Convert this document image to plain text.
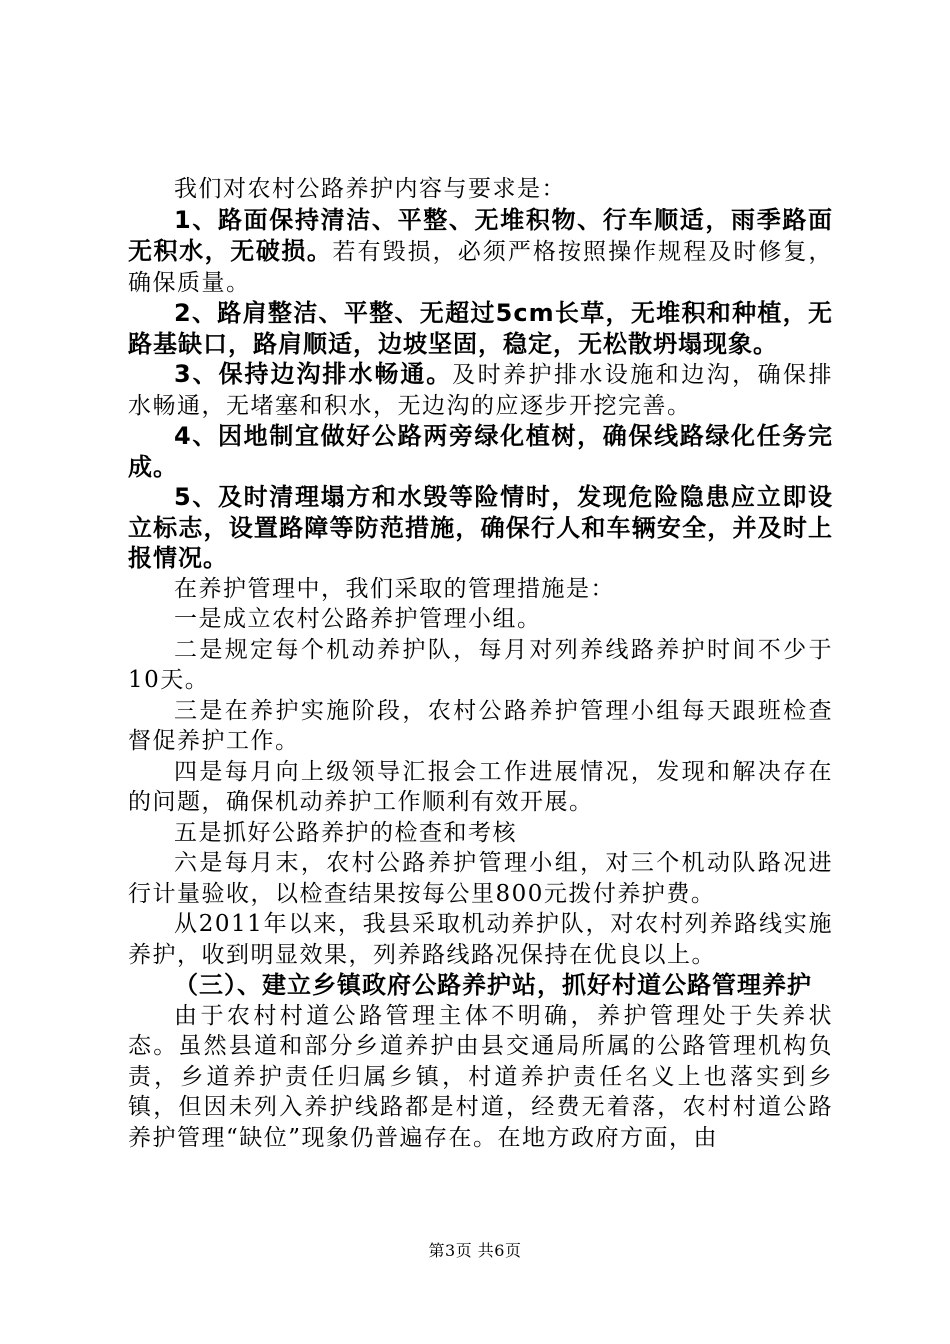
我们对农村公路养护内容与要求是：

1、路面保持清洁、平整、无堆积物、行车顺适，雨季路面无积水，无破损。若有毁损，必须严格按照操作规程及时修复，确保质量。

2、路肩整洁、平整、无超过5cm长草，无堆积和种植，无路基缺口，路肩顺适，边坡坚固，稳定，无松散坍塌现象。

3、保持边沟排水畅通。及时养护排水设施和边沟，确保排水畅通，无堵塞和积水，无边沟的应逐步开挖完善。

4、因地制宜做好公路两旁绿化植树，确保线路绿化任务完成。

5、及时清理塌方和水毁等险情时，发现危险隐患应立即设立标志，设置路障等防范措施，确保行人和车辆安全，并及时上报情况。

在养护管理中，我们采取的管理措施是：

一是成立农村公路养护管理小组。

二是规定每个机动养护队，每月对列养线路养护时间不少于10天。

三是在养护实施阶段，农村公路养护管理小组每天跟班检查督促养护工作。

四是每月向上级领导汇报会工作进展情况，发现和解决存在的问题，确保机动养护工作顺利有效开展。

五是抓好公路养护的检查和考核

六是每月末，农村公路养护管理小组，对三个机动队路况进行计量验收，以检查结果按每公里800元拨付养护费。

从2011年以来，我县采取机动养护队，对农村列养路线实施养护，收到明显效果，列养路线路况保持在优良以上。

（三）、建立乡镇政府公路养护站，抓好村道公路管理养护

由于农村村道公路管理主体不明确，养护管理处于失养状态。虽然县道和部分乡道养护由县交通局所属的公路管理机构负责，乡道养护责任归属乡镇，村道养护责任名义上也落实到乡镇，但因未列入养护线路都是村道，经费无着落，农村村道公路养护管理“缺位”现象仍普遍存在。在地方政府方面，由

第3页 共6页
